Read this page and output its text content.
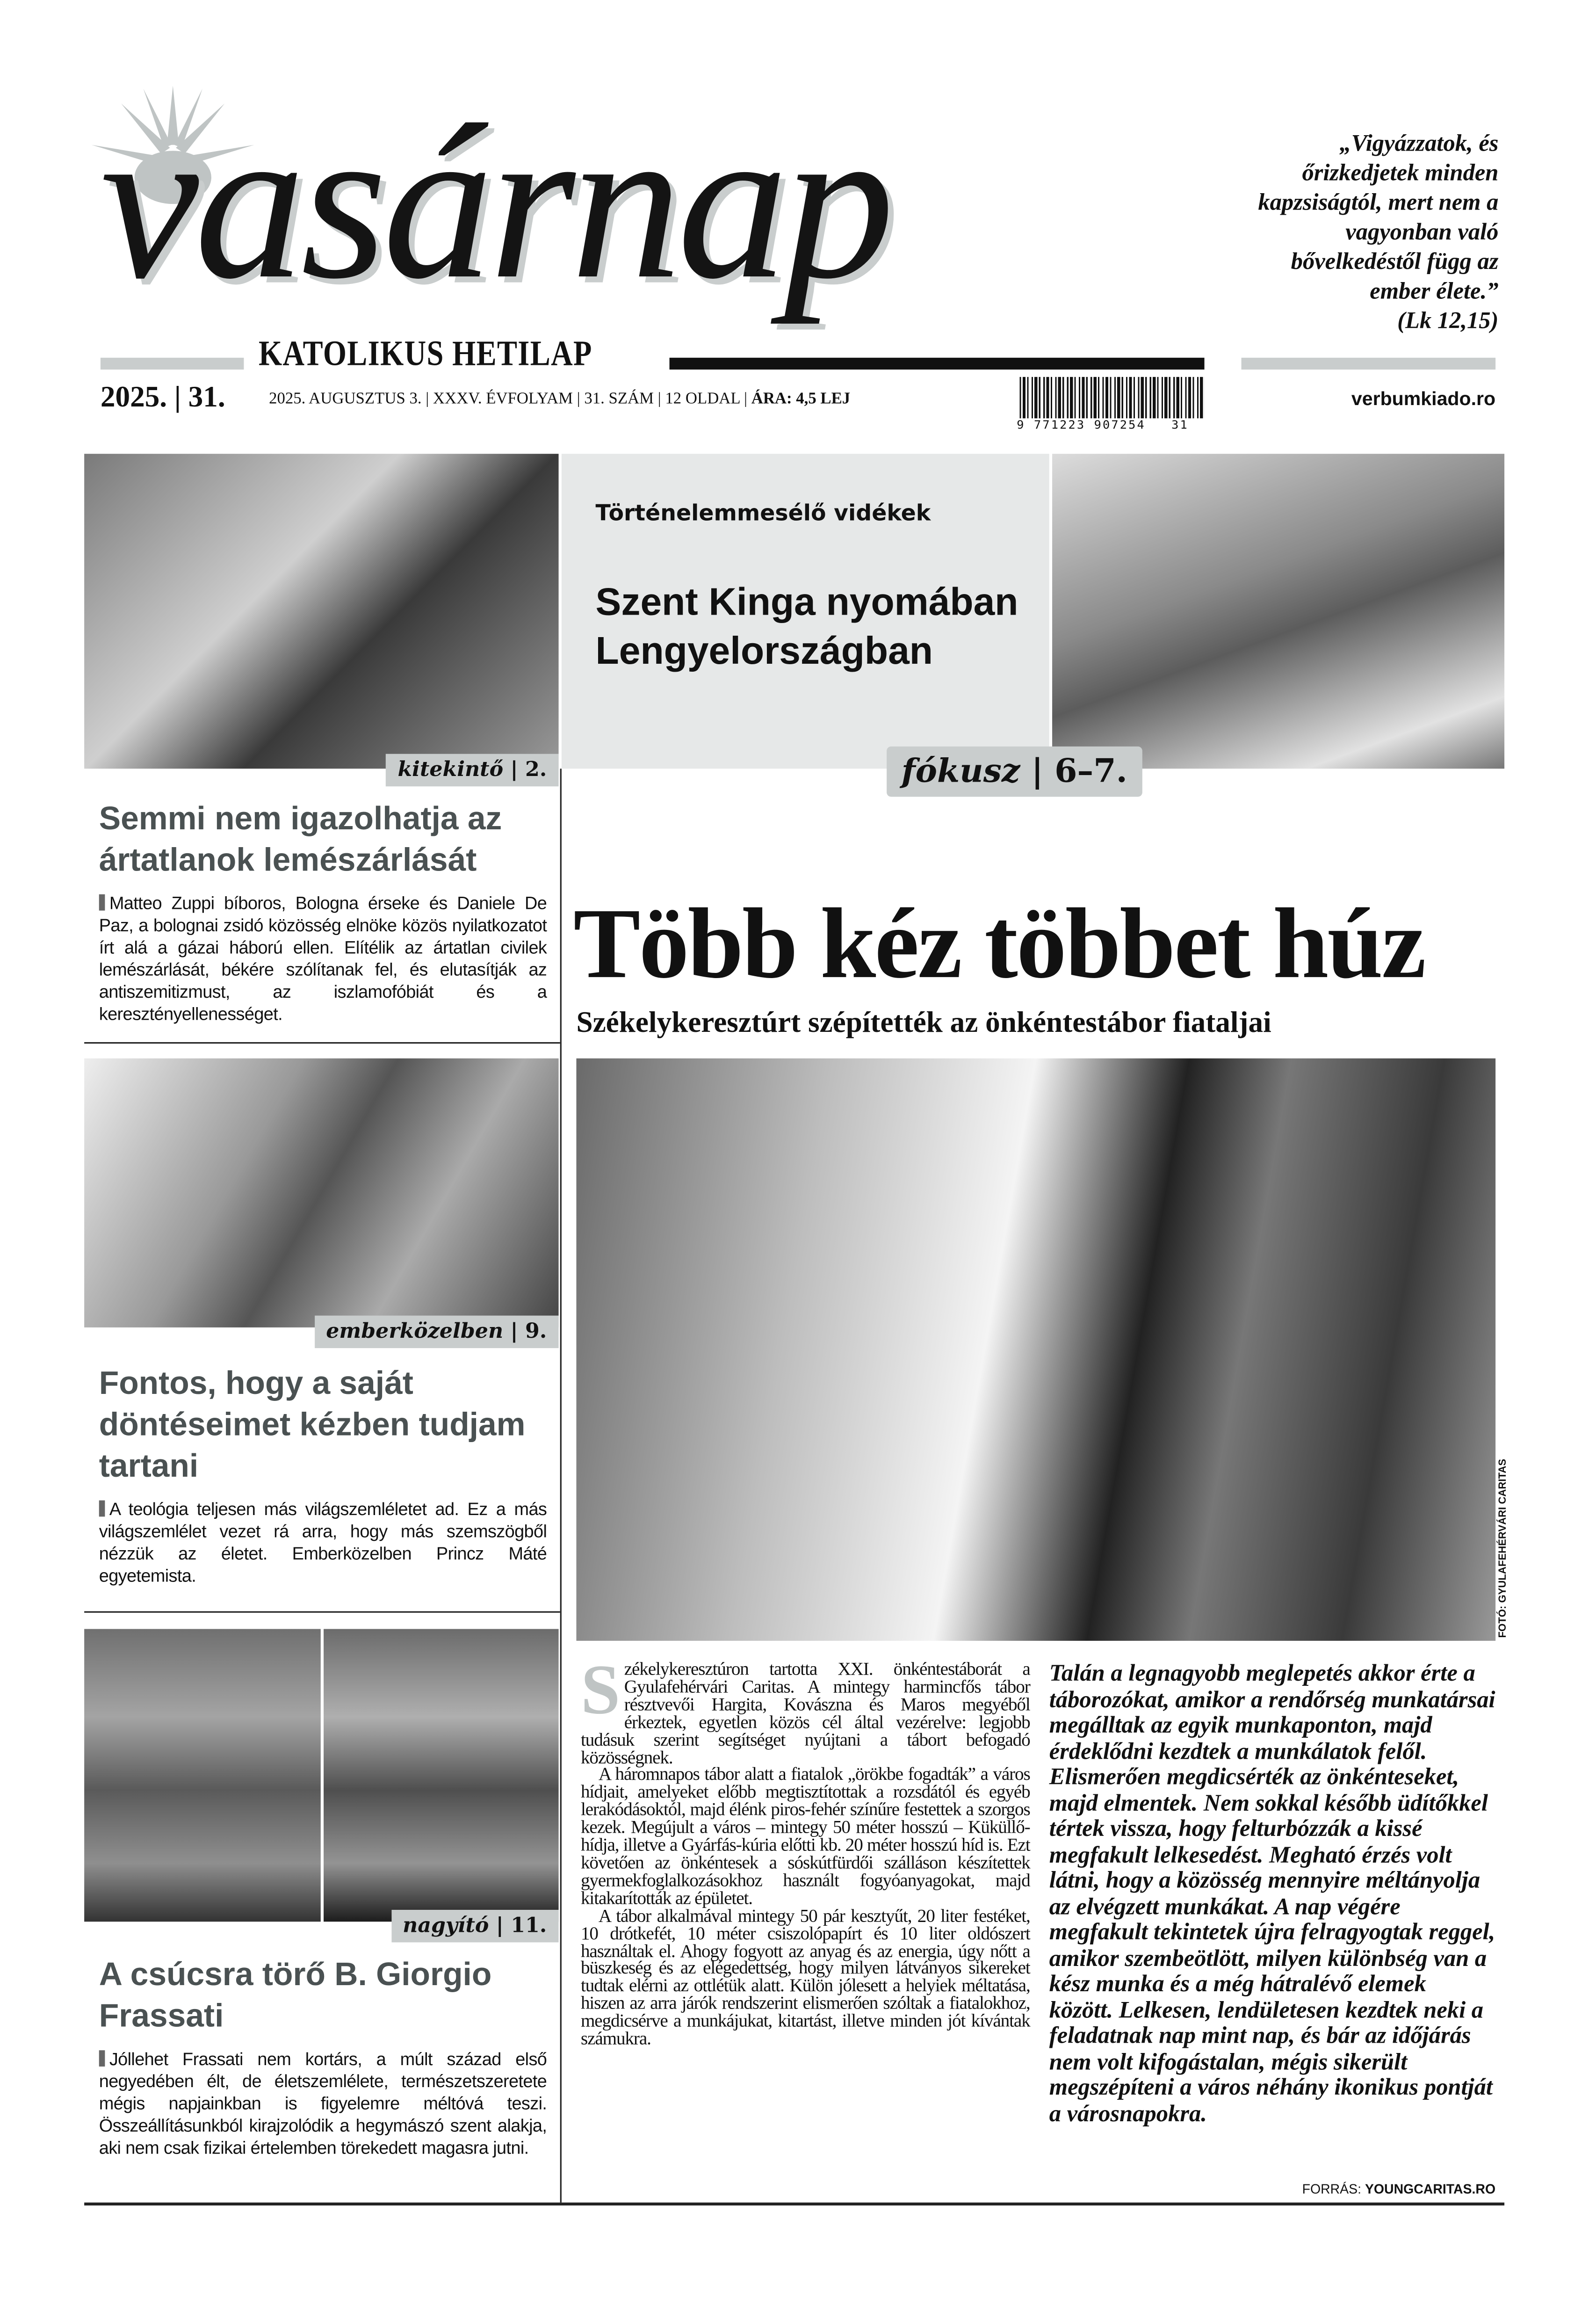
vasárnap
KATOLIKUS HETILAP
„Vigyázzatok, és őrizkedjetek minden kapzsiságtól, mert nem a vagyonban való bővelkedéstől függ az ember élete.”
(Lk 12,15)
2025. | 31.	2025. AUGUSZTUS 3. | XXXV. ÉVFOLYAM | 31. SZÁM | 12 OLDAL | ÁRA: 4,5 LEJ
9 771223 907254   31
verbumkiado.ro
kitekintő | 2.
Történelemmesélő vidékek
Szent Kinga nyomában Lengyelországban
fókusz | 6–7.
Semmi nem igazolhatja az ártatlanok lemészárlását
Matteo Zuppi bíboros, Bologna érseke és Daniele De Paz, a bolognai zsidó közösség elnöke közös nyilatkozatot írt alá a gázai háború ellen. Elítélik az ártatlan civilek lemészárlását, békére szólítanak fel, és elutasítják az antiszemitizmust, az iszlamofóbiát és a keresztényellenességet.
emberközelben | 9.
Fontos, hogy a saját döntéseimet kézben tudjam tartani
A teológia teljesen más világszemléletet ad. Ez a más világszemlélet vezet rá arra, hogy más szemszögből nézzük az életet. Emberközelben Princz Máté egyetemista.
nagyító | 11.
A csúcsra törő B. Giorgio Frassati
Jóllehet Frassati nem kortárs, a múlt század első negyedében élt, de életszemlélete, természetszeretete mégis napjainkban is figyelemre méltóvá teszi. Összeállításunkból kirajzolódik a hegymászó szent alakja, aki nem csak fizikai értelemben törekedett magasra jutni.
Több kéz többet húz
Székelykeresztúrt szépítették az önkéntestábor fiataljai
FOTÓ: GYULAFEHÉRVÁRI CARITAS

Székelykeresztúron tartotta XXI. önkéntestáborát a Gyulafehérvári Caritas. A mintegy harmincfős tábor résztvevői Hargita, Kovászna és Maros megyéből érkeztek, egyetlen közös cél által vezérelve: legjobb tudásuk szerint segítséget nyújtani a tábort befogadó közösségnek.

A háromnapos tábor alatt a fiatalok „örökbe fogadták” a város hídjait, amelyeket előbb megtisztítottak a rozsdától és egyéb lerakódásoktól, majd élénk piros-fehér színűre festettek a szorgos kezek. Megújult a város – mintegy 50 méter hosszú – Küküllő-hídja, illetve a Gyárfás-kúria előtti kb. 20 méter hosszú híd is. Ezt követően az önkéntesek a sóskútfürdői szálláson készítettek gyermekfoglalkozásokhoz használt fogyóanyagokat, majd kitakarították az épületet.

A tábor alkalmával mintegy 50 pár kesztyűt, 20 liter festéket, 10 drótkefét, 10 méter csiszolópapírt és 10 liter oldószert használtak el. Ahogy fogyott az anyag és az energia, úgy nőtt a büszkeség és az elégedettség, hogy milyen látványos sikereket tudtak elérni az ottlétük alatt. Külön jólesett a helyiek méltatása, hiszen az arra járók rendszerint elismerően szóltak a fiatalokhoz, megdicsérve a munkájukat, kitartást, illetve minden jót kívántak számukra.

Talán a legnagyobb meglepetés akkor érte a táborozókat, amikor a rendőrség munkatársai megálltak az egyik munkaponton, majd érdeklődni kezdtek a munkálatok felől. Elismerően megdicsérték az önkénteseket, majd elmentek. Nem sokkal később üdítőkkel tértek vissza, hogy felturbózzák a kissé megfakult lelkesedést. Megható érzés volt látni, hogy a közösség mennyire méltányolja az elvégzett munkákat. A nap végére megfakult tekintetek újra felragyogtak reggel, amikor szembeötlött, milyen különbség van a kész munka és a még hátralévő elemek között. Lelkesen, lendületesen kezdtek neki a feladatnak nap mint nap, és bár az időjárás nem volt kifogástalan, mégis sikerült megszépíteni a város néhány ikonikus pontját a városnapokra.
FORRÁS: YOUNGCARITAS.RO
